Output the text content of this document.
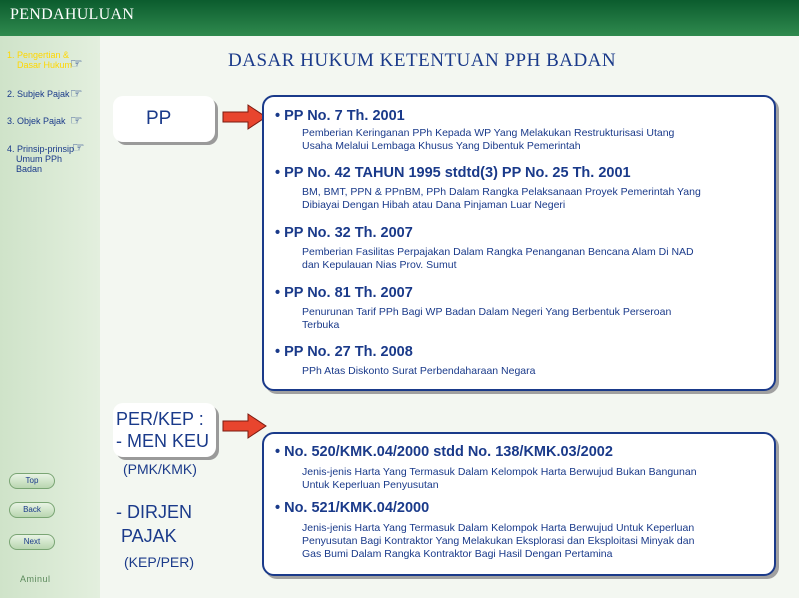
PENDAHULUAN
DASAR HUKUM KETENTUAN PPH BADAN
1. Pengertian &
Dasar Hukum
☞
2. Subjek Pajak ☞
3. Objek Pajak ☞
4. Prinsip-prinsip
Umum PPh
Badan
☞
Top
Back
Next
Aminul
PP
PER/KEP :
- MEN KEU
(PMK/KMK)
- DIRJEN
PAJAK
(KEP/PER)
• PP No. 7 Th. 2001
Pemberian Keringanan PPh Kepada WP Yang Melakukan Restrukturisasi Utang
Usaha Melalui Lembaga Khusus Yang Dibentuk Pemerintah
• PP No. 42 TAHUN 1995 stdtd(3) PP No. 25 Th. 2001
BM, BMT, PPN & PPnBM, PPh Dalam Rangka Pelaksanaan Proyek Pemerintah Yang
Dibiayai Dengan Hibah atau Dana Pinjaman Luar Negeri
• PP No. 32 Th. 2007
Pemberian Fasilitas Perpajakan Dalam Rangka Penanganan Bencana Alam Di NAD
dan Kepulauan Nias Prov. Sumut
• PP No. 81 Th. 2007
Penurunan Tarif PPh Bagi WP Badan Dalam Negeri Yang Berbentuk Perseroan
Terbuka
• PP No. 27 Th. 2008
PPh Atas Diskonto Surat Perbendaharaan Negara
• No. 520/KMK.04/2000 stdd No. 138/KMK.03/2002
Jenis-jenis Harta Yang Termasuk Dalam Kelompok Harta Berwujud Bukan Bangunan
Untuk Keperluan Penyusutan
• No. 521/KMK.04/2000
Jenis-jenis Harta Yang Termasuk Dalam Kelompok Harta Berwujud Untuk Keperluan
Penyusutan Bagi Kontraktor Yang Melakukan Eksplorasi dan Eksploitasi Minyak dan
Gas Bumi Dalam Rangka Kontraktor Bagi Hasil Dengan Pertamina
